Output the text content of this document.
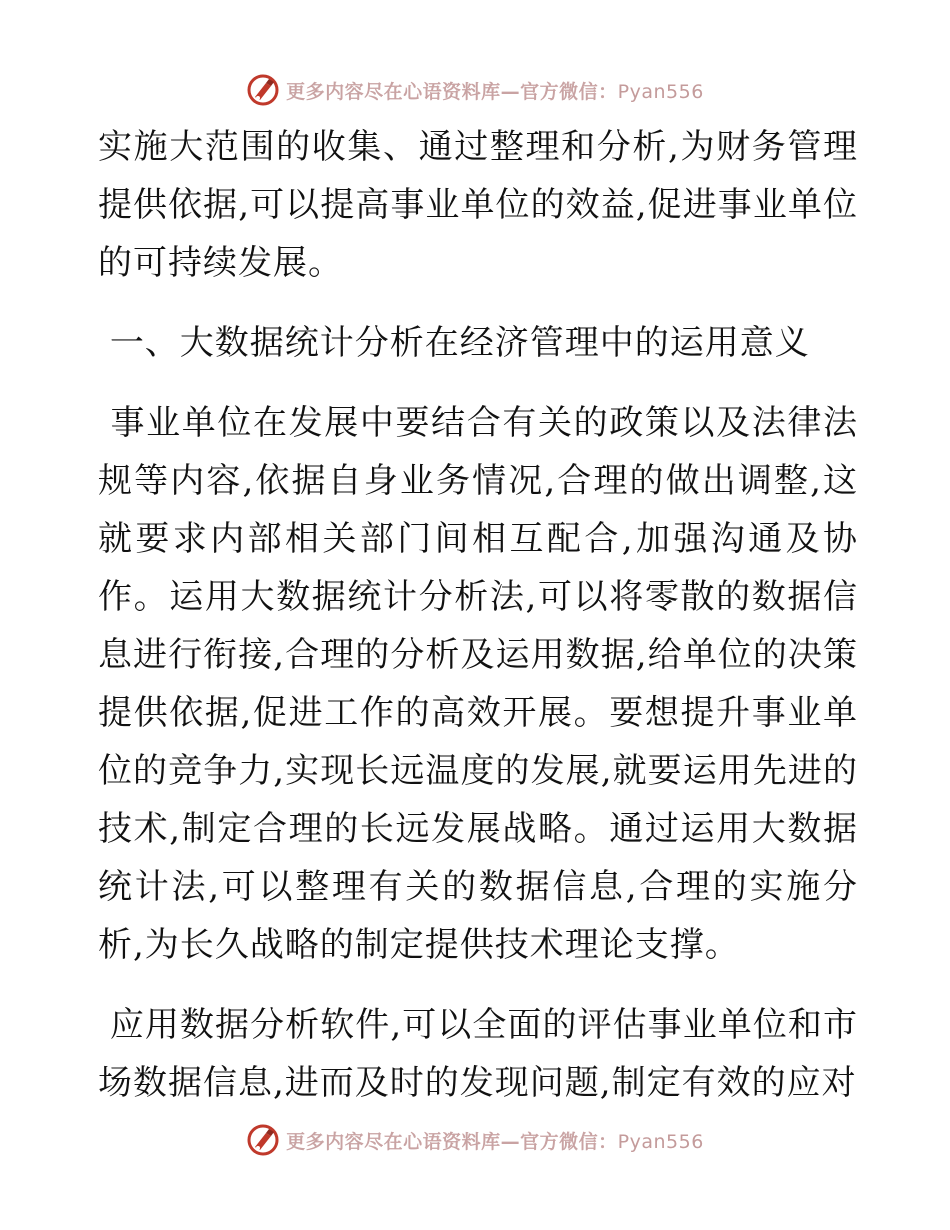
更多内容尽在心语资料库—官方微信：Pyan556

实施大范围的收集、通过整理和分析,为财务管理提供依据,可以提高事业单位的效益,促进事业单位的可持续发展。

一、大数据统计分析在经济管理中的运用意义

事业单位在发展中要结合有关的政策以及法律法规等内容,依据自身业务情况,合理的做出调整,这就要求内部相关部门间相互配合,加强沟通及协作。运用大数据统计分析法,可以将零散的数据信息进行衔接,合理的分析及运用数据,给单位的决策提供依据,促进工作的高效开展。要想提升事业单位的竞争力,实现长远温度的发展,就要运用先进的技术,制定合理的长远发展战略。通过运用大数据统计法,可以整理有关的数据信息,合理的实施分析,为长久战略的制定提供技术理论支撑。

应用数据分析软件,可以全面的评估事业单位和市场数据信息,进而及时的发现问题,制定有效的应对

更多内容尽在心语资料库—官方微信：Pyan556
